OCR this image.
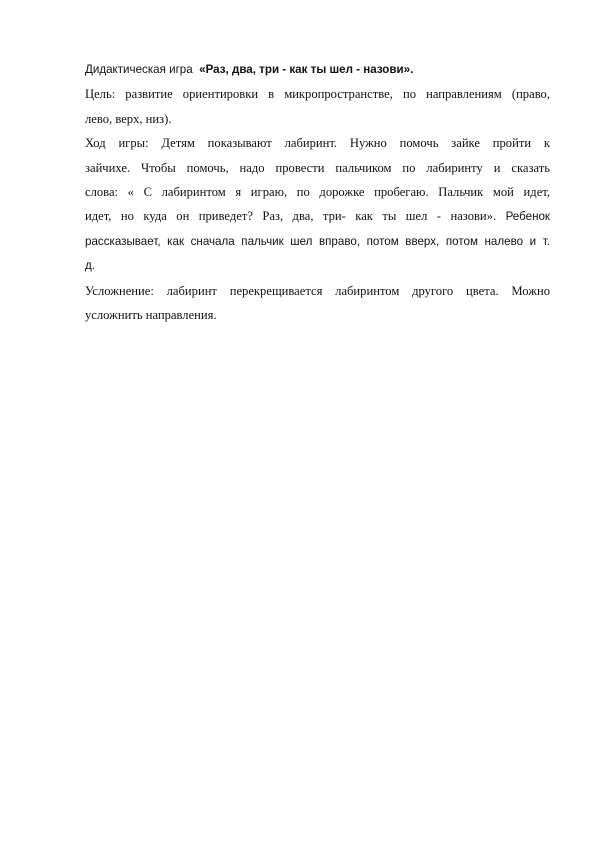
Дидактическая игра  «Раз, два, три - как ты шел - назови».

Цель: развитие ориентировки в микропространстве, по направлениям (право,
лево, верх, низ).

Ход игры: Детям показывают лабиринт. Нужно помочь зайке пройти к
зайчихе. Чтобы помочь, надо провести пальчиком по лабиринту и сказать
слова: « С лабиринтом я играю, по дорожке пробегаю. Пальчик мой идет,
идет, но куда он приведет? Раз, два, три- как ты шел - назови». Ребенок
рассказывает, как сначала пальчик шел вправо, потом вверх, потом налево и т.
д.

Усложнение: лабиринт перекрещивается лабиринтом другого цвета. Можно
усложнить направления.
